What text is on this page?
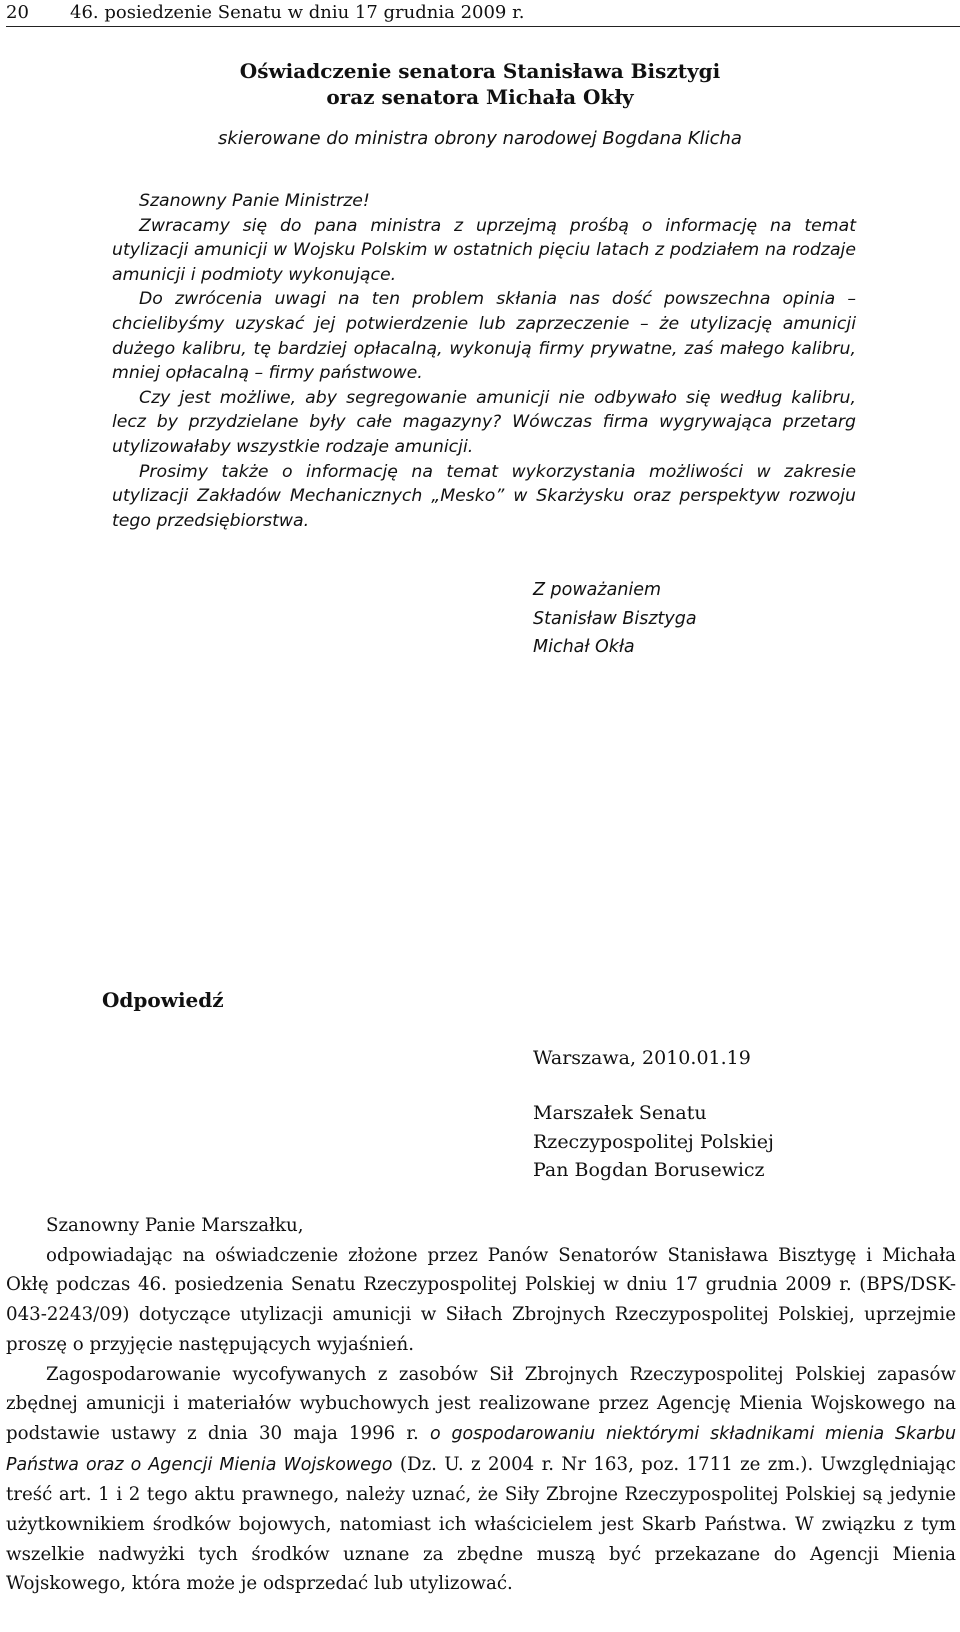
20 46. posiedzenie Senatu w dniu 17 grudnia 2009 r.
Oświadczenie senatora Stanisława Bisztygi
oraz senatora Michała Okły
skierowane do ministra obrony narodowej Bogdana Klicha

Szanowny Panie Ministrze!

Zwracamy się do pana ministra z uprzejmą prośbą o informację na temat utylizacji amunicji w Wojsku Polskim w ostatnich pięciu latach z podziałem na rodzaje amunicji i podmioty wykonujące.

Do zwrócenia uwagi na ten problem skłania nas dość powszechna opinia – chcielibyśmy uzyskać jej potwierdzenie lub zaprzeczenie – że utylizację amunicji dużego kalibru, tę bardziej opłacalną, wykonują firmy prywatne, zaś małego kalibru, mniej opłacalną – firmy państwowe.

Czy jest możliwe, aby segregowanie amunicji nie odbywało się według kalibru, lecz by przydzielane były całe magazyny? Wówczas firma wygrywająca przetarg utylizowałaby wszystkie rodzaje amunicji.

Prosimy także o informację na temat wykorzystania możliwości w zakresie utylizacji Zakładów Mechanicznych „Mesko” w Skarżysku oraz perspektyw rozwoju tego przedsiębiorstwa.

Z poważaniem
Stanisław Bisztyga
Michał Okła
Odpowiedź
Warszawa, 2010.01.19
Marszałek Senatu
Rzeczypospolitej Polskiej
Pan Bogdan Borusewicz

Szanowny Panie Marszałku,

odpowiadając na oświadczenie złożone przez Panów Senatorów Stanisława Bisztygę i Michała Okłę podczas 46. posiedzenia Senatu Rzeczypospolitej Polskiej w dniu 17 grudnia 2009 r. (BPS/DSK-043-2243/09) dotyczące utylizacji amunicji w Siłach Zbrojnych Rzeczypospolitej Polskiej, uprzejmie proszę o przyjęcie następujących wyjaśnień.

Zagospodarowanie wycofywanych z zasobów Sił Zbrojnych Rzeczypospolitej Polskiej zapasów zbędnej amunicji i materiałów wybuchowych jest realizowane przez Agencję Mienia Wojskowego na podstawie ustawy z dnia 30 maja 1996 r. o gospodarowaniu niektórymi składnikami mienia Skarbu Państwa oraz o Agencji Mienia Wojskowego (Dz. U. z 2004 r. Nr 163, poz. 1711 ze zm.). Uwzględniając treść art. 1 i 2 tego aktu prawnego, należy uznać, że Siły Zbrojne Rzeczypospolitej Polskiej są jedynie użytkownikiem środków bojowych, natomiast ich właścicielem jest Skarb Państwa. W związku z tym wszelkie nadwyżki tych środków uznane za zbędne muszą być przekazane do Agencji Mienia Wojskowego, która może je odsprzedać lub utylizować.
